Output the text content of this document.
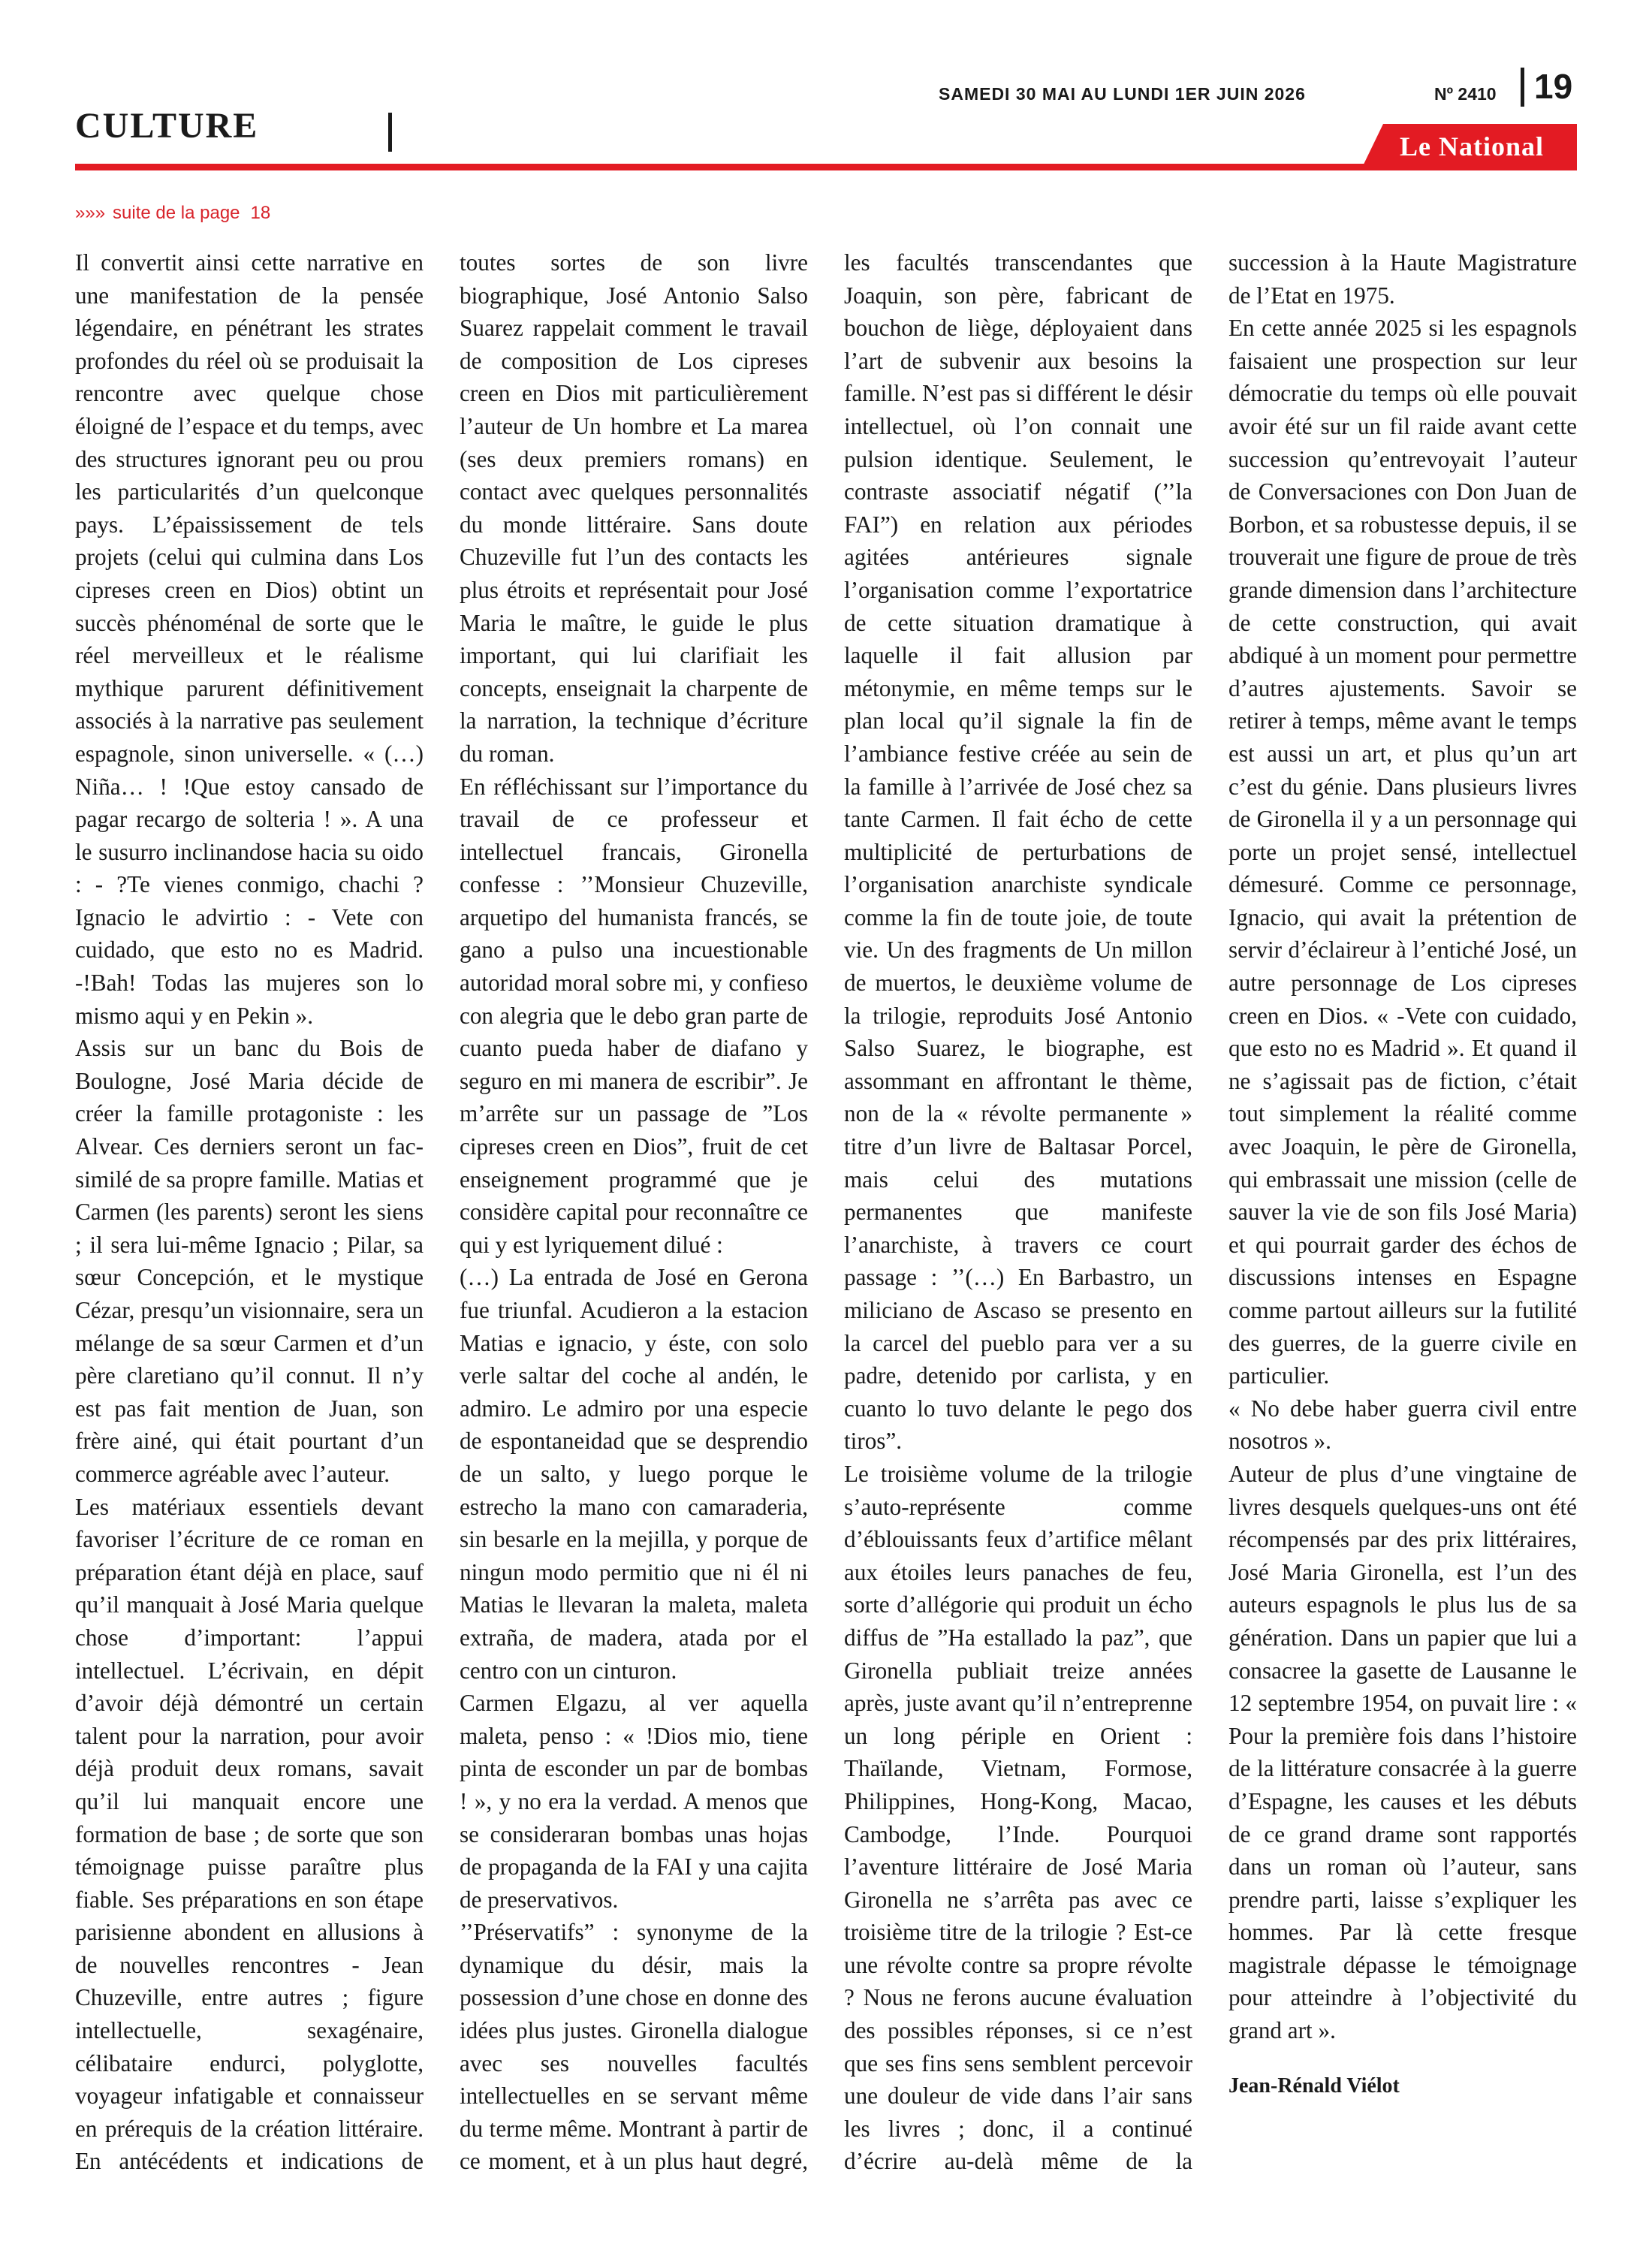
SAMEDI 30 MAI AU LUNDI 1ER JUIN 2026	Nº 2410 19
CULTURE
Le National
»»» suite de la page 18

Il convertit ainsi cette narrative en une manifestation de la pensée légendaire, en pénétrant les strates profondes du réel où se produisait la rencontre avec quelque chose éloigné de l’espace et du temps, avec des structures ignorant peu ou prou les particularités d’un quelconque pays. L’épaississement de tels projets (celui qui culmina dans Los cipreses creen en Dios) obtint un succès phénoménal de sorte que le réel merveilleux et le réalisme mythique parurent définitivement associés à la narrative pas seulement espagnole, sinon universelle. « (…) Niña… ! !Que estoy cansado de pagar recargo de solteria ! ». A una le susurro inclinandose hacia su oido : - ?Te vienes conmigo, chachi ? Ignacio le advirtio : - Vete con cuidado, que esto no es Madrid. -!Bah! Todas las mujeres son lo mismo aqui y en Pekin ».

Assis sur un banc du Bois de Boulogne, José Maria décide de créer la famille protagoniste : les Alvear. Ces derniers seront un fac-similé de sa propre famille. Matias et Carmen (les parents) seront les siens ; il sera lui-même Ignacio ; Pilar, sa sœur Concepción, et le mystique Cézar, presqu’un visionnaire, sera un mélange de sa sœur Carmen et d’un père claretiano qu’il connut. Il n’y est pas fait mention de Juan, son frère ainé, qui était pourtant d’un commerce agréable avec l’auteur.

Les matériaux essentiels devant favoriser l’écriture de ce roman en préparation étant déjà en place, sauf qu’il manquait à José Maria quelque chose d’important: l’appui intellectuel. L’écrivain, en dépit d’avoir déjà démontré un certain talent pour la narration, pour avoir déjà produit deux romans, savait qu’il lui manquait encore une formation de base ; de sorte que son témoignage puisse paraître plus fiable. Ses préparations en son étape parisienne abondent en allusions à de nouvelles rencontres - Jean Chuzeville, entre autres ; figure intellectuelle, sexagénaire, célibataire endurci, polyglotte, voyageur infatigable et connaisseur en prérequis de la création littéraire. En antécédents et indications de toutes sortes de son livre biographique, José Antonio Salso Suarez rappelait comment le travail de composition de Los cipreses creen en Dios mit particulièrement l’auteur de Un hombre et La marea (ses deux premiers romans) en contact avec quelques personnalités du monde littéraire. Sans doute Chuzeville fut l’un des contacts les plus étroits et représentait pour José Maria le maître, le guide le plus important, qui lui clarifiait les concepts, enseignait la charpente de la narration, la technique d’écriture du roman.

En réfléchissant sur l’importance du travail de ce professeur et intellectuel francais, Gironella confesse : ’’Monsieur Chuzeville, arquetipo del humanista francés, se gano a pulso una incuestionable autoridad moral sobre mi, y confieso con alegria que le debo gran parte de cuanto pueda haber de diafano y seguro en mi manera de escribir”. Je m’arrête sur un passage de ”Los cipreses creen en Dios”, fruit de cet enseignement programmé que je considère capital pour reconnaître ce qui y est lyriquement dilué :

(…) La entrada de José en Gerona fue triunfal. Acudieron a la estacion Matias e ignacio, y éste, con solo verle saltar del coche al andén, le admiro. Le admiro por una especie de espontaneidad que se desprendio de un salto, y luego porque le estrecho la mano con camaraderia, sin besarle en la mejilla, y porque de ningun modo permitio que ni él ni Matias le llevaran la maleta, maleta extraña, de madera, atada por el centro con un cinturon.

Carmen Elgazu, al ver aquella maleta, penso : « !Dios mio, tiene pinta de esconder un par de bombas ! », y no era la verdad. A menos que se consideraran bombas unas hojas de propaganda de la FAI y una cajita de preservativos.

’’Préservatifs” : synonyme de la dynamique du désir, mais la possession d’une chose en donne des idées plus justes. Gironella dialogue avec ses nouvelles facultés intellectuelles en se servant même du terme même. Montrant à partir de ce moment, et à un plus haut degré, les facultés transcendantes que Joaquin, son père, fabricant de bouchon de liège, déployaient dans l’art de subvenir aux besoins la famille. N’est pas si différent le désir intellectuel, où l’on connait une pulsion identique. Seulement, le contraste associatif négatif (’’la FAI”) en relation aux périodes agitées antérieures signale l’organisation comme l’exportatrice de cette situation dramatique à laquelle il fait allusion par métonymie, en même temps sur le plan local qu’il signale la fin de l’ambiance festive créée au sein de la famille à l’arrivée de José chez sa tante Carmen. Il fait écho de cette multiplicité de perturbations de l’organisation anarchiste syndicale comme la fin de toute joie, de toute vie. Un des fragments de Un millon de muertos, le deuxième volume de la trilogie, reproduits José Antonio Salso Suarez, le biographe, est assommant en affrontant le thème, non de la « révolte permanente » titre d’un livre de Baltasar Porcel, mais celui des mutations permanentes que manifeste l’anarchiste, à travers ce court passage : ’’(…) En Barbastro, un miliciano de Ascaso se presento en la carcel del pueblo para ver a su padre, detenido por carlista, y en cuanto lo tuvo delante le pego dos tiros”.

Le troisième volume de la trilogie s’auto-représente comme d’éblouissants feux d’artifice mêlant aux étoiles leurs panaches de feu, sorte d’allégorie qui produit un écho diffus de ”Ha estallado la paz”, que Gironella publiait treize années après, juste avant qu’il n’entreprenne un long périple en Orient : Thaïlande, Vietnam, Formose, Philippines, Hong-Kong, Macao, Cambodge, l’Inde. Pourquoi l’aventure littéraire de José Maria Gironella ne s’arrêta pas avec ce troisième titre de la trilogie ? Est-ce une révolte contre sa propre révolte ? Nous ne ferons aucune évaluation des possibles réponses, si ce n’est que ses fins sens semblent percevoir une douleur de vide dans l’air sans les livres ; donc, il a continué d’écrire au-delà même de la succession à la Haute Magistrature de l’Etat en 1975.

En cette année 2025 si les espagnols faisaient une prospection sur leur démocratie du temps où elle pouvait avoir été sur un fil raide avant cette succession qu’entrevoyait l’auteur de Conversaciones con Don Juan de Borbon, et sa robustesse depuis, il se trouverait une figure de proue de très grande dimension dans l’architecture de cette construction, qui avait abdiqué à un moment pour permettre d’autres ajustements. Savoir se retirer à temps, même avant le temps est aussi un art, et plus qu’un art c’est du génie. Dans plusieurs livres de Gironella il y a un personnage qui porte un projet sensé, intellectuel démesuré. Comme ce personnage, Ignacio, qui avait la prétention de servir d’éclaireur à l’entiché José, un autre personnage de Los cipreses creen en Dios. « -Vete con cuidado, que esto no es Madrid ». Et quand il ne s’agissait pas de fiction, c’était tout simplement la réalité comme avec Joaquin, le père de Gironella, qui embrassait une mission (celle de sauver la vie de son fils José Maria) et qui pourrait garder des échos de discussions intenses en Espagne comme partout ailleurs sur la futilité des guerres, de la guerre civile en particulier.

« No debe haber guerra civil entre nosotros ».

Auteur de plus d’une vingtaine de livres desquels quelques-uns ont été récompensés par des prix littéraires, José Maria Gironella, est l’un des auteurs espagnols le plus lus de sa génération. Dans un papier que lui a consacree la gasette de Lausanne le 12 septembre 1954, on puvait lire : « Pour la première fois dans l’histoire de la littérature consacrée à la guerre d’Espagne, les causes et les débuts de ce grand drame sont rapportés dans un roman où l’auteur, sans prendre parti, laisse s’expliquer les hommes. Par là cette fresque magistrale dépasse le témoignage pour atteindre à l’objectivité du grand art ».

Jean-Rénald Viélot
